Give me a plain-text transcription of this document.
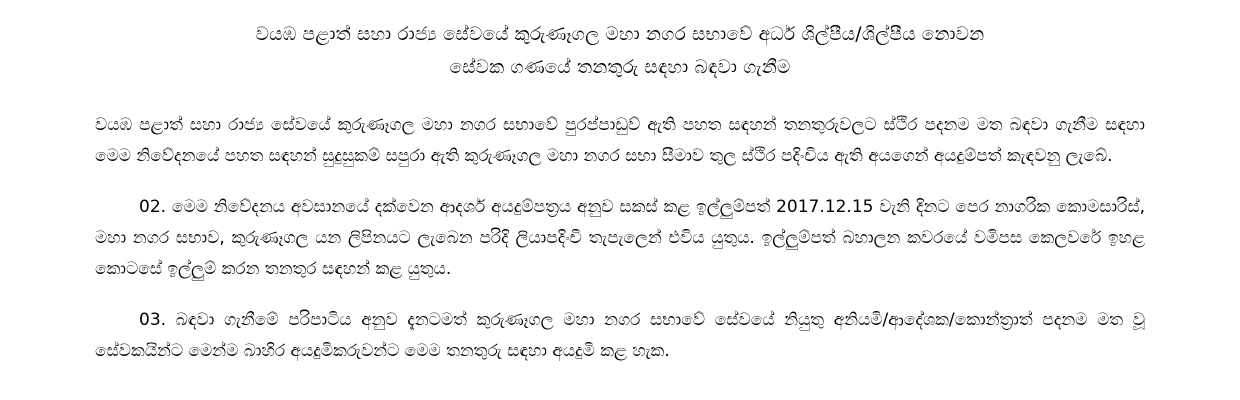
වයඹ පළාත් සහා රාජ්‍ය සේවයේ කුරුණෑගල මහා නගර සභාවේ අර්ධ ශිල්පීය/ශිල්පීය නොවන
සේවක ගණයේ තනතුරු සඳහා බඳවා ගැනීම

වයඹ පළාත් සහා රාජ්‍ය සේවයේ කුරුණෑගල මහා නගර සභාවේ පුරප්පාඩුව් ඇති පහත සඳහන් තනතුරුවලට ස්ථිර පදනම මත බඳවා ගැනීම සඳහා මෙම නිවේදනයේ පහත සඳහන් සුදුසුකම් සපුරා ඇති කුරුණෑගල මහා නගර සභා සීමාව තුල ස්ථිර පදිංචිය ඇති අයගෙන් අයදුම්පත් කැඳවනු ලැබේ.

02. මෙම නිවේදනය අවසානයේ දක්වෙන ආදර්ශ අයදුම්පත්‍රය අනුව සකස් කළ ඉල්ලුම්පත් 2017.12.15 වැනි දිනට පෙර නාගරික කොමසාරිස්, මහා නගර සභාව, කුරුණෑගල යන ලිපිනයට ලැබෙන පරිදි ලියාපදිංචි තැපැලෙන් එවිය යුතුය. ඉල්ලුම්පත් බහාලන කවරයේ වමිපස කෙලවරේ ඉහළ කොටසේ ඉල්ලුම් කරන තනතුර සඳහන් කළ යුතුය.

03. බඳවා ගැනීමේ පරිපාටිය අනුව දැනටමත් කුරුණෑගල මහා නගර සභාවේ සේවයේ නියුතු අනියමි/ආදේශක/කොන්ත්‍රාත් පදනම මත වූ සේවකයින්ට මෙන්ම බාහිර අයදුමිකරුවන්ට මෙම තනතුරු සඳහා අයදුමි කළ හැක.
